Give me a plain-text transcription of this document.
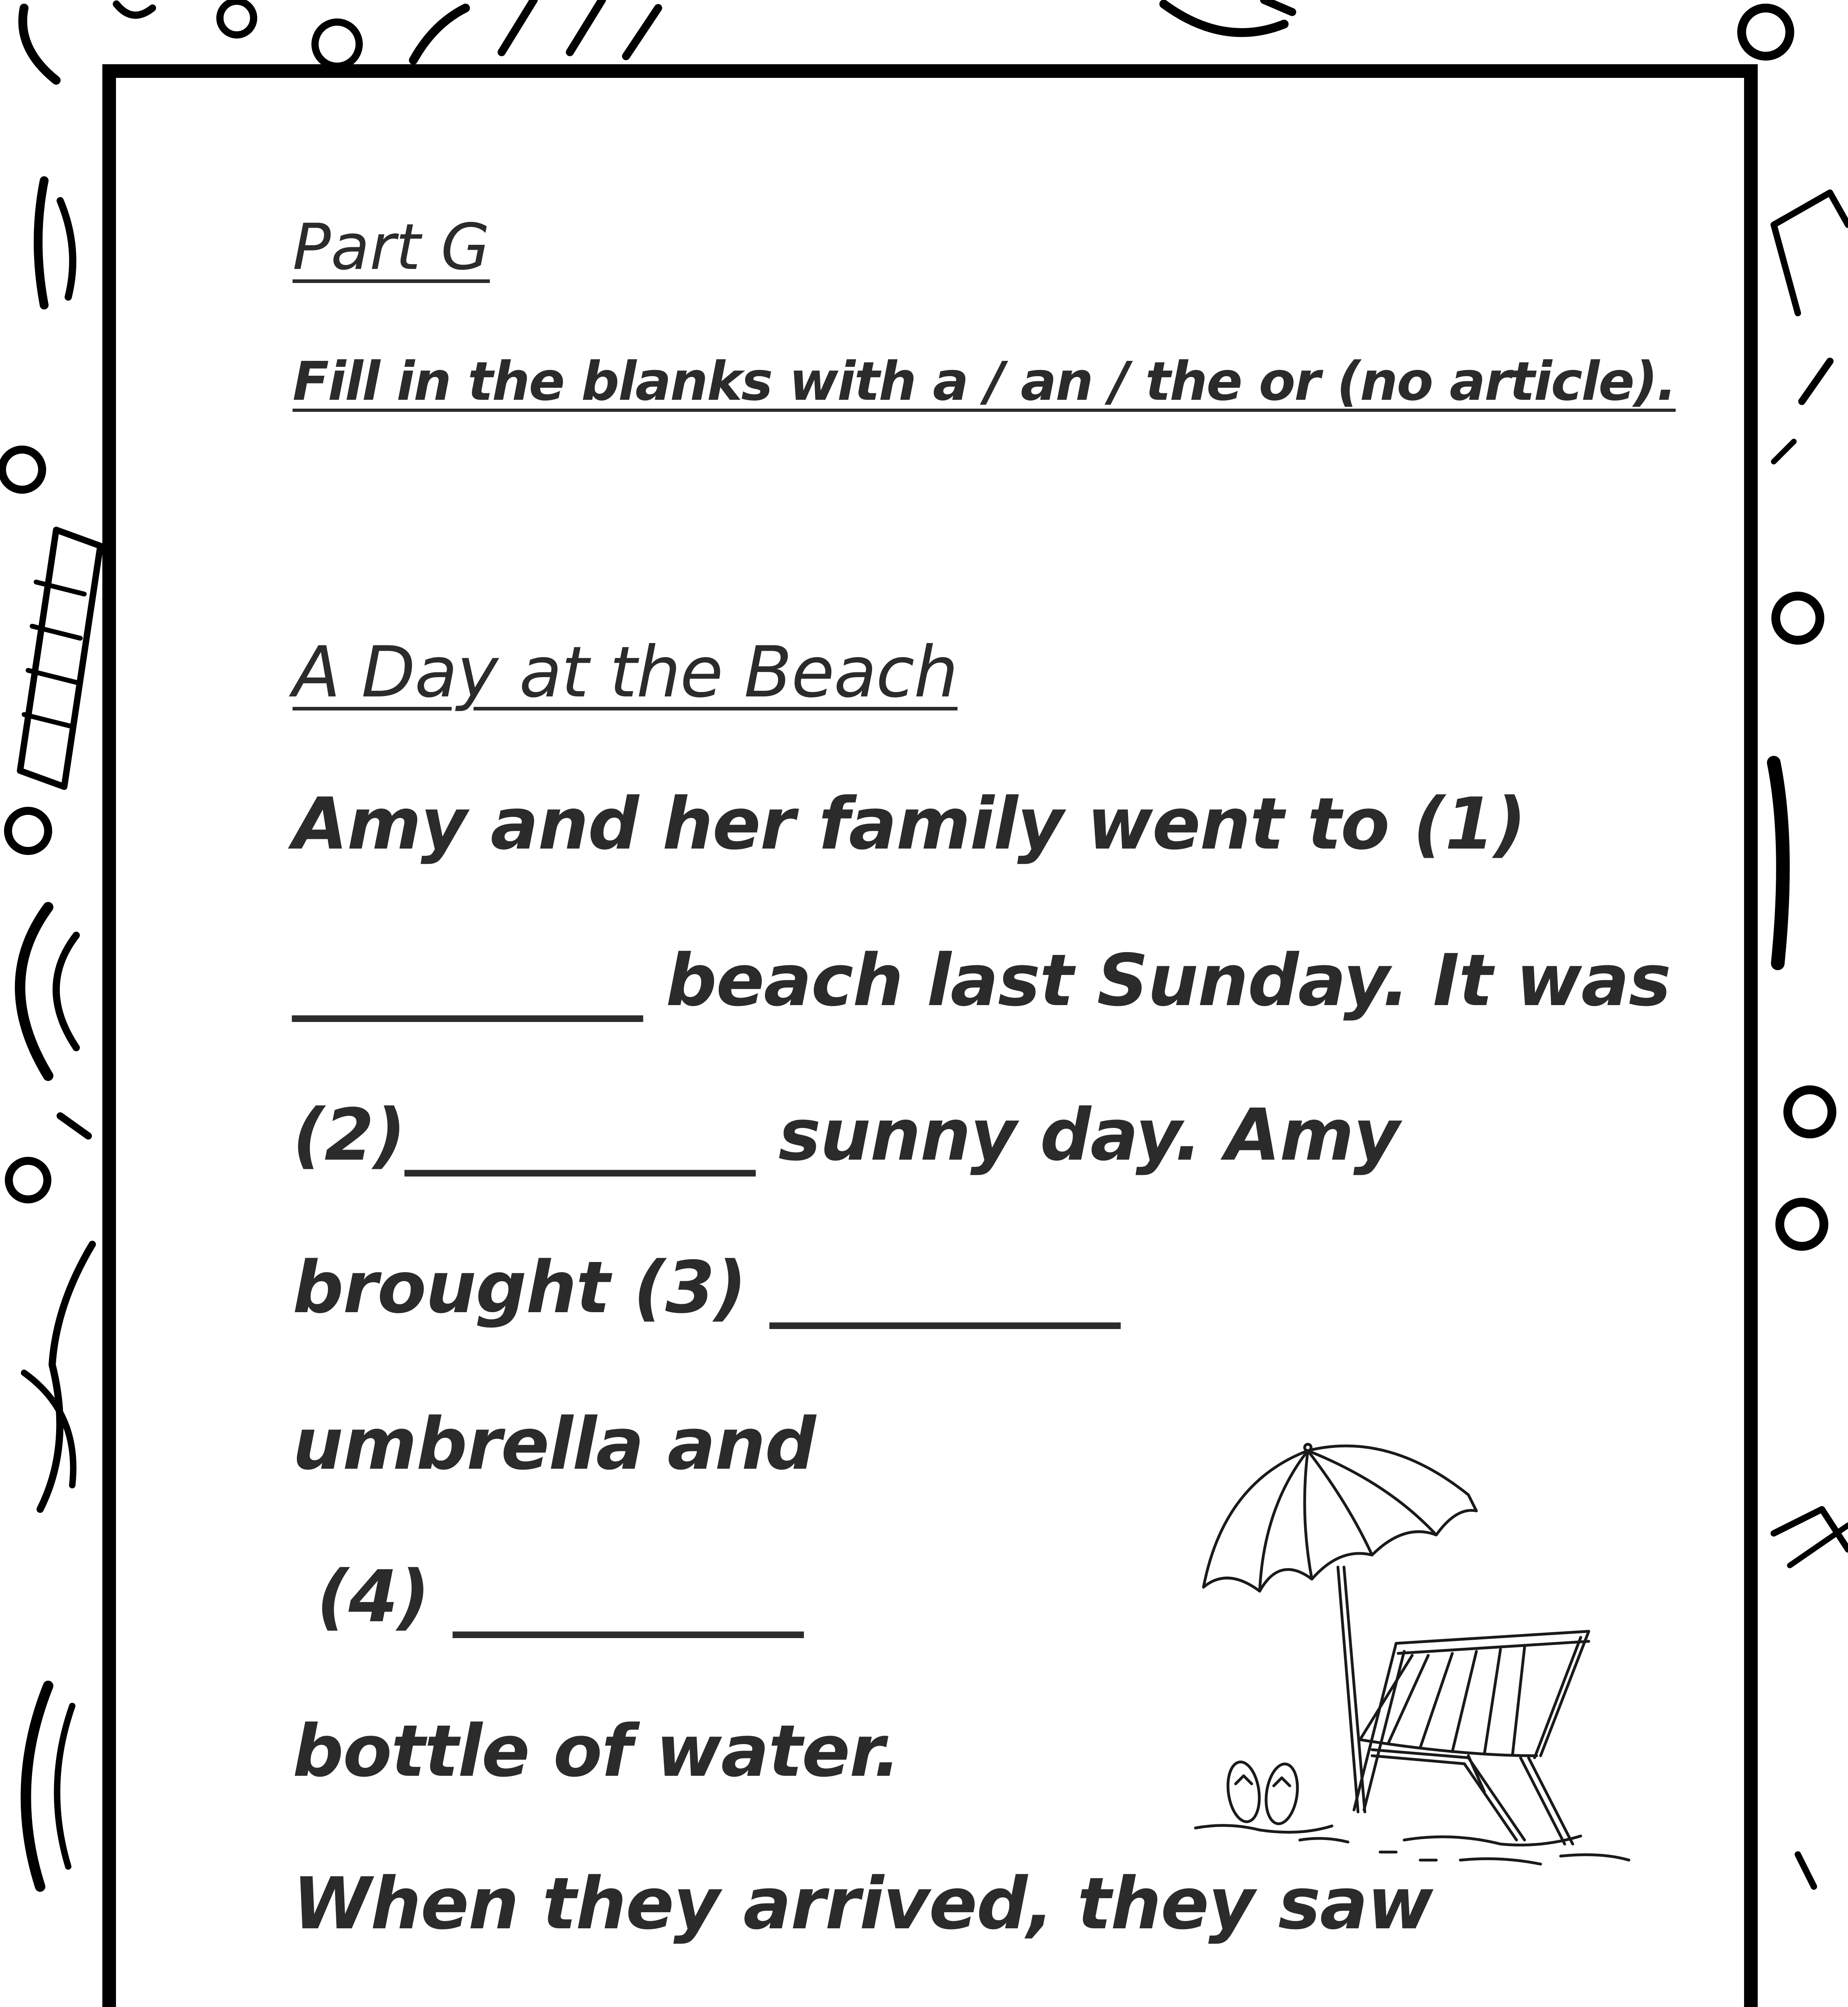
Part G

Fill in the blanks with a / an / the or (no article).

A Day at the Beach
Amy and her family went to (1)
__________ beach last Sunday. It was
(2)__________ sunny day. Amy
brought (3) __________
umbrella and
(4) __________
bottle of water.
When they arrived, they saw
